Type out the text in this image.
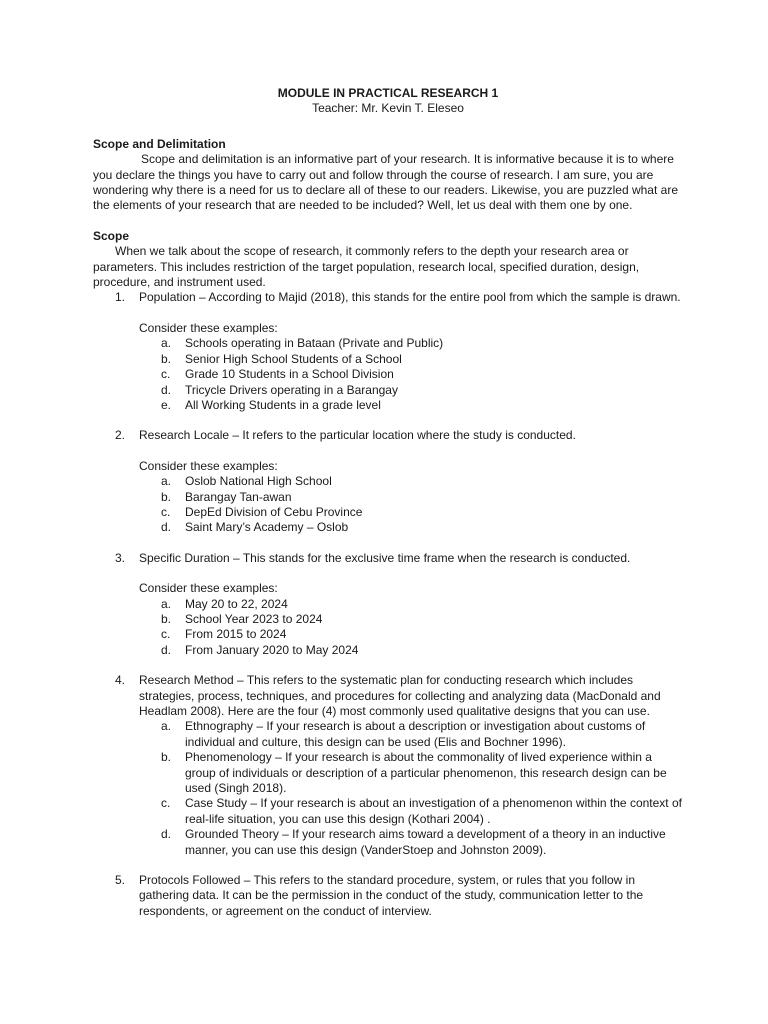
MODULE IN PRACTICAL RESEARCH 1
Teacher: Mr. Kevin T. Eleseo
Scope and Delimitation

Scope and delimitation is an informative part of your research. It is informative because it is to where you declare the things you have to carry out and follow through the course of research. I am sure, you are wondering why there is a need for us to declare all of these to our readers. Likewise, you are puzzled what are the elements of your research that are needed to be included? Well, let us deal with them one by one.

Scope

When we talk about the scope of research, it commonly refers to the depth your research area or parameters. This includes restriction of the target population, research local, specified duration, design, procedure, and instrument used.

1. Population – According to Majid (2018), this stands for the entire pool from which the sample is drawn.
Consider these examples:
a. Schools operating in Bataan (Private and Public)
b. Senior High School Students of a School
c. Grade 10 Students in a School Division
d. Tricycle Drivers operating in a Barangay
e. All Working Students in a grade level
2. Research Locale – It refers to the particular location where the study is conducted.
Consider these examples:
a. Oslob National High School
b. Barangay Tan-awan
c. DepEd Division of Cebu Province
d. Saint Mary’s Academy – Oslob
3. Specific Duration – This stands for the exclusive time frame when the research is conducted.
Consider these examples:
a. May 20 to 22, 2024
b. School Year 2023 to 2024
c. From 2015 to 2024
d. From January 2020 to May 2024
4. Research Method – This refers to the systematic plan for conducting research which includes strategies, process, techniques, and procedures for collecting and analyzing data (MacDonald and Headlam 2008). Here are the four (4) most commonly used qualitative designs that you can use.
a. Ethnography – If your research is about a description or investigation about customs of individual and culture, this design can be used (Elis and Bochner 1996).
b. Phenomenology – If your research is about the commonality of lived experience within a group of individuals or description of a particular phenomenon, this research design can be used (Singh 2018).
c. Case Study – If your research is about an investigation of a phenomenon within the context of real-life situation, you can use this design (Kothari 2004) .
d. Grounded Theory – If your research aims toward a development of a theory in an inductive manner, you can use this design (VanderStoep and Johnston 2009).
5. Protocols Followed – This refers to the standard procedure, system, or rules that you follow in gathering data. It can be the permission in the conduct of the study, communication letter to the respondents, or agreement on the conduct of interview.
